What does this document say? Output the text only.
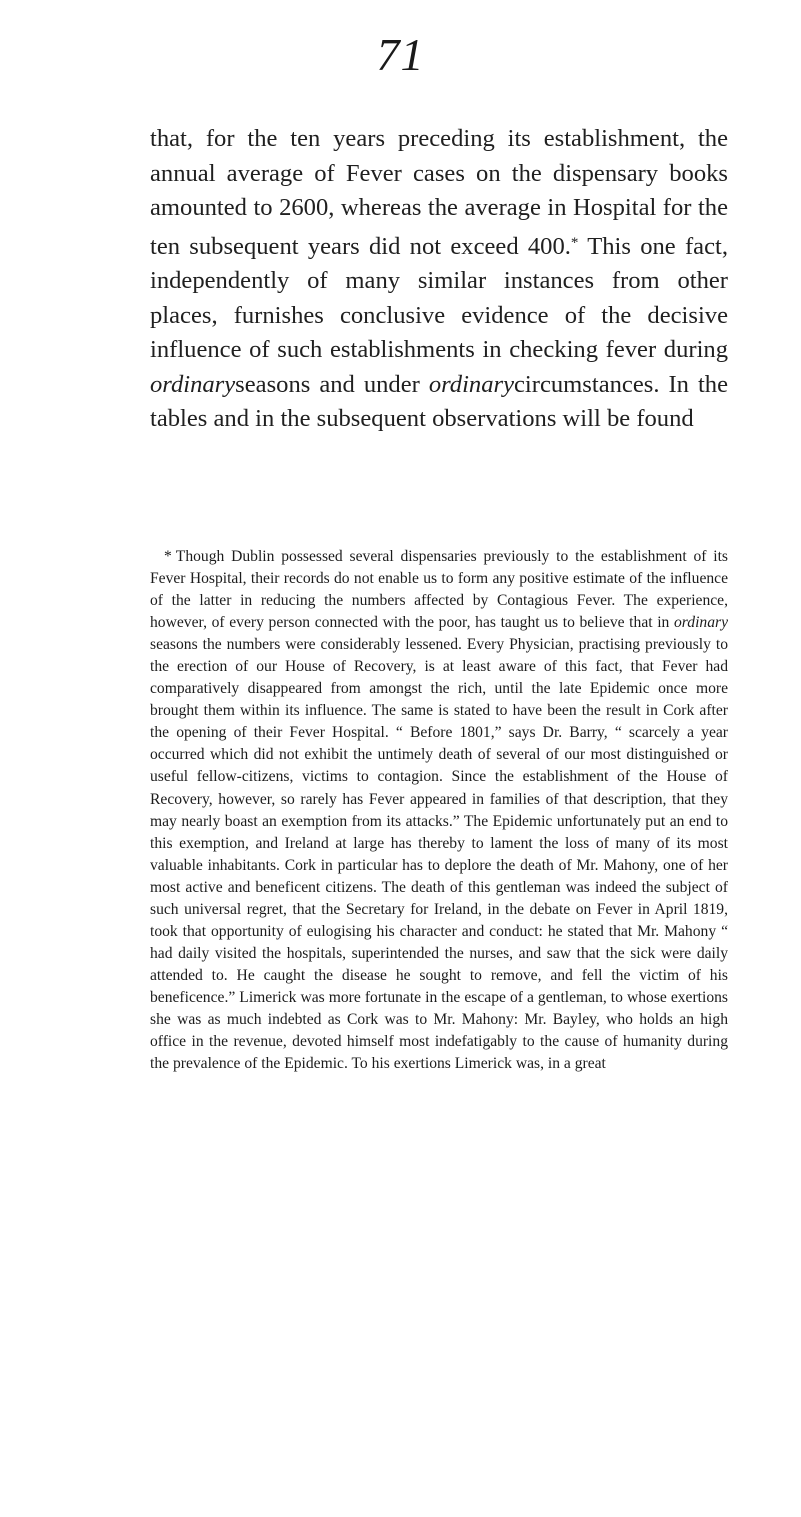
71

that, for the ten years preceding its establishment, the annual average of Fever cases on the dispensary books amounted to 2600, whereas the average in Hospital for the ten subsequent years did not exceed 400.* This one fact, independently of many similar instances from other places, furnishes conclusive evidence of the decisive influence of such establishments in checking fever during ordinaryseasons and under ordinarycircumstances. In the tables and in the subsequent observations will be found

* Though Dublin possessed several dispensaries previously to the establishment of its Fever Hospital, their records do not enable us to form any positive estimate of the influence of the latter in reducing the numbers affected by Contagious Fever. The experience, however, of every person connected with the poor, has taught us to believe that in ordinary seasons the numbers were considerably lessened. Every Physician, practising previously to the erection of our House of Recovery, is at least aware of this fact, that Fever had comparatively disappeared from amongst the rich, until the late Epidemic once more brought them within its influence. The same is stated to have been the result in Cork after the opening of their Fever Hospital. “ Before 1801,” says Dr. Barry, “ scarcely a year occurred which did not exhibit the untimely death of several of our most distinguished or useful fellow-citizens, victims to contagion. Since the establishment of the House of Recovery, however, so rarely has Fever appeared in families of that description, that they may nearly boast an exemption from its attacks.” The Epidemic unfortunately put an end to this exemption, and Ireland at large has thereby to lament the loss of many of its most valuable inhabitants. Cork in particular has to deplore the death of Mr. Mahony, one of her most active and beneficent citizens. The death of this gentleman was indeed the subject of such universal regret, that the Secretary for Ireland, in the debate on Fever in April 1819, took that opportunity of eulogising his character and conduct: he stated that Mr. Mahony “ had daily visited the hospitals, superintended the nurses, and saw that the sick were daily attended to. He caught the disease he sought to remove, and fell the victim of his beneficence.” Limerick was more fortunate in the escape of a gentleman, to whose exertions she was as much indebted as Cork was to Mr. Mahony: Mr. Bayley, who holds an high office in the revenue, devoted himself most indefatigably to the cause of humanity during the prevalence of the Epidemic. To his exertions Limerick was, in a great
